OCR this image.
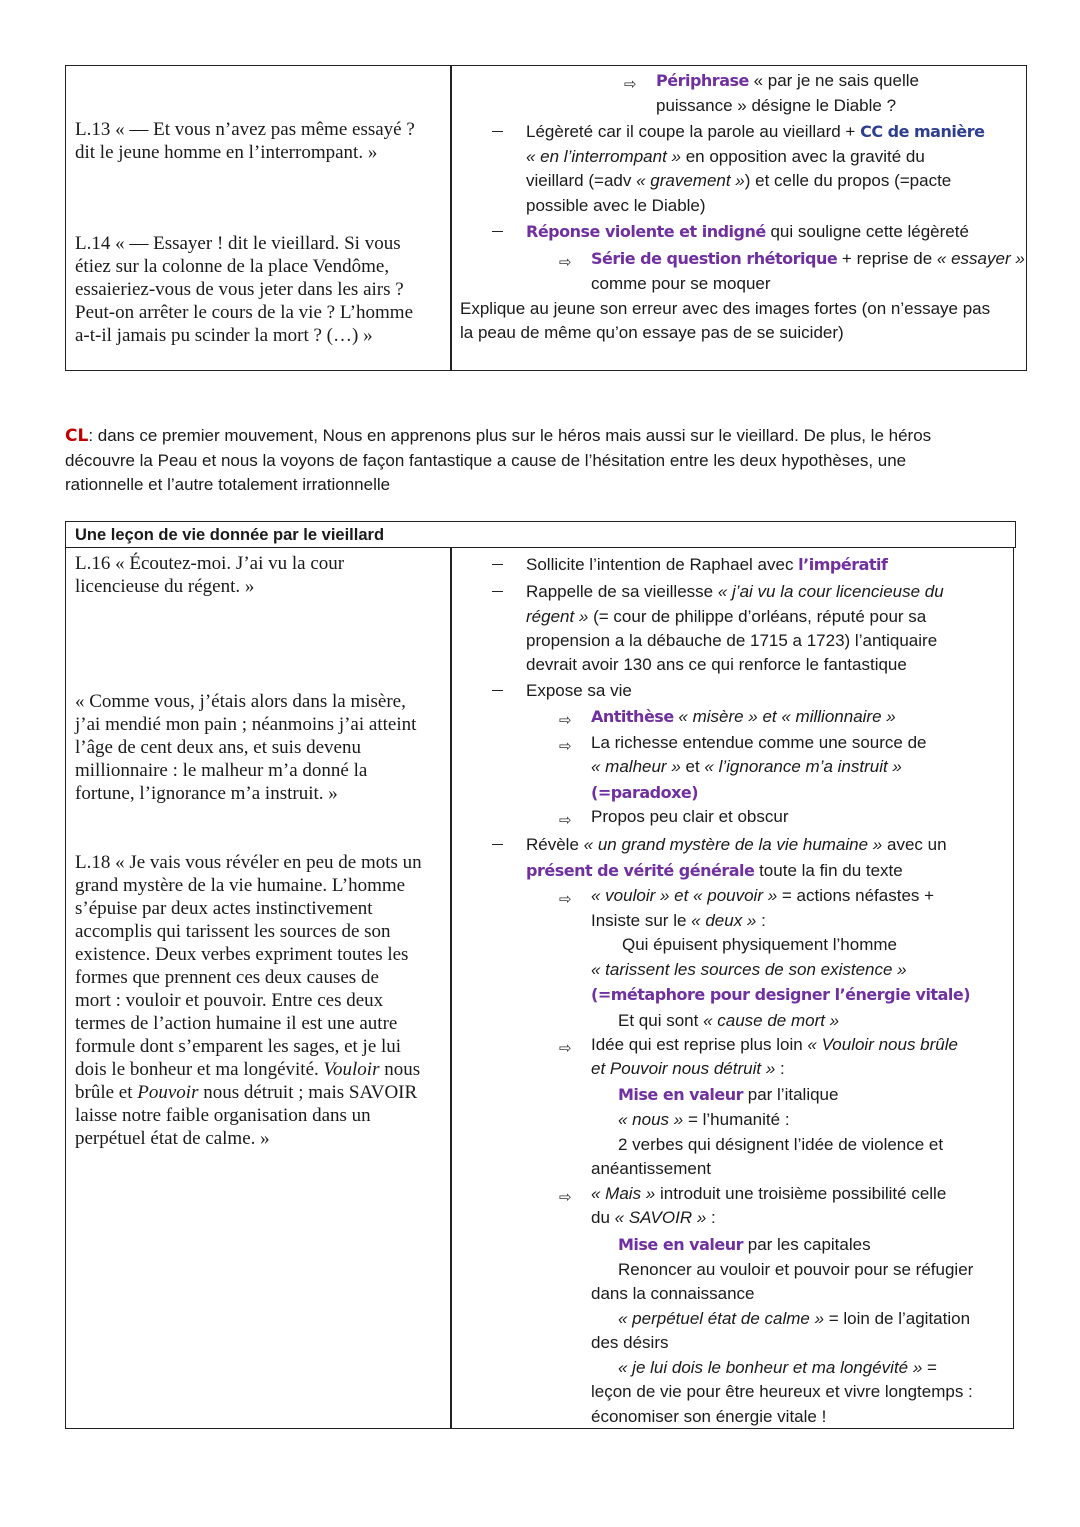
L.13 « — Et vous n’avez pas même essayé ?
dit le jeune homme en l’interrompant. »
L.14 « — Essayer ! dit le vieillard. Si vous
étiez sur la colonne de la place Vendôme,
essaieriez-vous de vous jeter dans les airs ?
Peut-on arrêter le cours de la vie ? L’homme
a-t-il jamais pu scinder la mort ? (…) »
⇨ Périphrase « par je ne sais quelle
puissance » désigne le Diable ?
Légèreté car il coupe la parole au vieillard + CC de manière
« en l’interrompant » en opposition avec la gravité du
vieillard (=adv « gravement ») et celle du propos (=pacte
possible avec le Diable)
Réponse violente et indigné qui souligne cette légèreté
⇨ Série de question rhétorique + reprise de « essayer »
comme pour se moquer
Explique au jeune son erreur avec des images fortes (on n’essaye pas
la peau de même qu’on essaye pas de se suicider)
CL: dans ce premier mouvement, Nous en apprenons plus sur le héros mais aussi sur le vieillard. De plus, le héros
découvre la Peau et nous la voyons de façon fantastique a cause de l’hésitation entre les deux hypothèses, une
rationnelle et l’autre totalement irrationnelle
Une leçon de vie donnée par le vieillard
L.16 « Écoutez-moi. J’ai vu la cour
licencieuse du régent. »
« Comme vous, j’étais alors dans la misère,
j’ai mendié mon pain ; néanmoins j’ai atteint
l’âge de cent deux ans, et suis devenu
millionnaire : le malheur m’a donné la
fortune, l’ignorance m’a instruit. »
L.18 « Je vais vous révéler en peu de mots un
grand mystère de la vie humaine. L’homme
s’épuise par deux actes instinctivement
accomplis qui tarissent les sources de son
existence. Deux verbes expriment toutes les
formes que prennent ces deux causes de
mort : vouloir et pouvoir. Entre ces deux
termes de l’action humaine il est une autre
formule dont s’emparent les sages, et je lui
dois le bonheur et ma longévité. Vouloir nous
brûle et Pouvoir nous détruit ; mais SAVOIR
laisse notre faible organisation dans un
perpétuel état de calme. »
Sollicite l’intention de Raphael avec l’impératif
Rappelle de sa vieillesse « j’ai vu la cour licencieuse du
régent » (= cour de philippe d’orléans, réputé pour sa
propension a la débauche de 1715 a 1723) l’antiquaire
devrait avoir 130 ans ce qui renforce le fantastique
Expose sa vie
⇨ Antithèse « misère » et « millionnaire »
⇨ La richesse entendue comme une source de
« malheur » et « l’ignorance m’a instruit »
(=paradoxe)
⇨ Propos peu clair et obscur
Révèle « un grand mystère de la vie humaine » avec un
présent de vérité générale toute la fin du texte
⇨ « vouloir » et « pouvoir » = actions néfastes +
Insiste sur le « deux » :
Qui épuisent physiquement l’homme
« tarissent les sources de son existence »
(=métaphore pour designer l’énergie vitale)
Et qui sont « cause de mort »
⇨ Idée qui est reprise plus loin « Vouloir nous brûle
et Pouvoir nous détruit » :
Mise en valeur par l’italique
« nous » = l’humanité :
2 verbes qui désignent l’idée de violence et
anéantissement
⇨ « Mais » introduit une troisième possibilité celle
du « SAVOIR » :
Mise en valeur par les capitales
Renoncer au vouloir et pouvoir pour se réfugier
dans la connaissance
« perpétuel état de calme » = loin de l’agitation
des désirs
« je lui dois le bonheur et ma longévité » =
leçon de vie pour être heureux et vivre longtemps :
économiser son énergie vitale !
